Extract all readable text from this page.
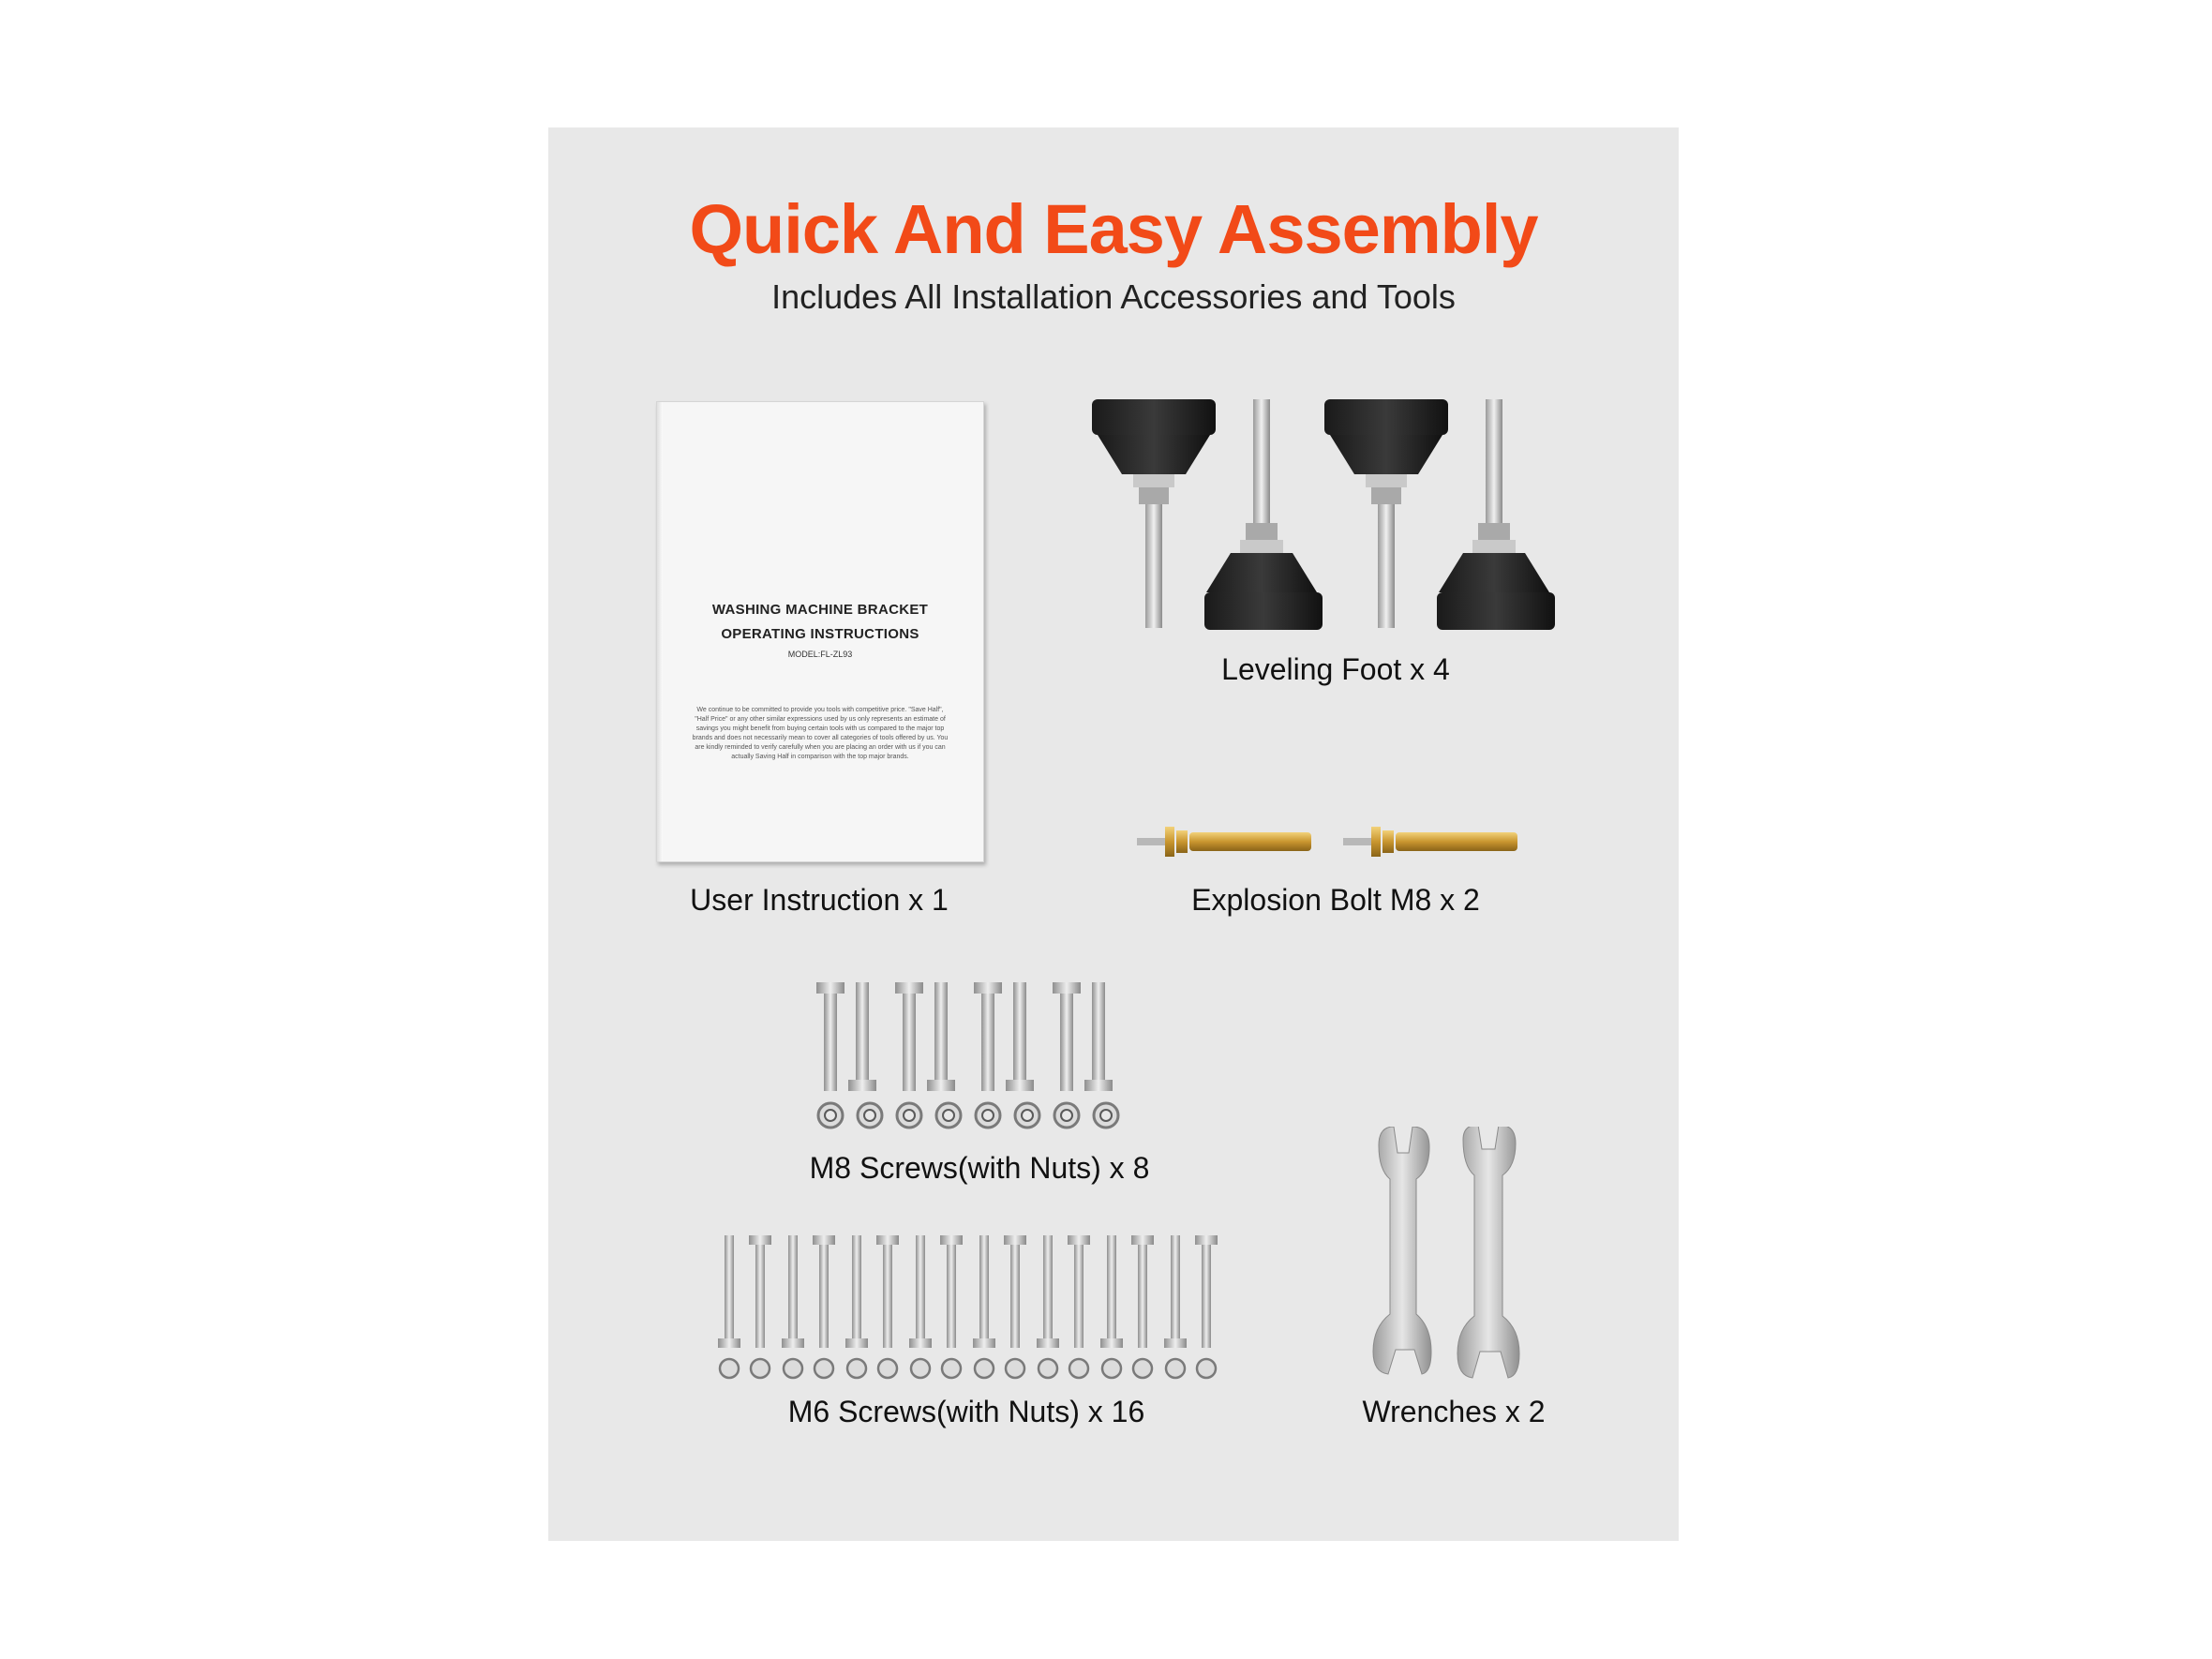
Quick And Easy Assembly
Includes All Installation Accessories and Tools
WASHING MACHINE BRACKET
OPERATING INSTRUCTIONS
MODEL:FL-ZL93
We continue to be committed to provide you tools with competitive price. "Save Half", "Half Price" or any other similar expressions used by us only represents an estimate of savings you might benefit from buying certain tools with us compared to the major top brands and does not necessarily mean to cover all categories of tools offered by us. You are kindly reminded to verify carefully when you are placing an order with us if you can actually Saving Half in comparison with the top major brands.
User Instruction x 1
Leveling Foot x 4
Explosion Bolt M8 x 2
M8 Screws(with Nuts) x 8
M6 Screws(with Nuts) x 16	Wrenches x 2
